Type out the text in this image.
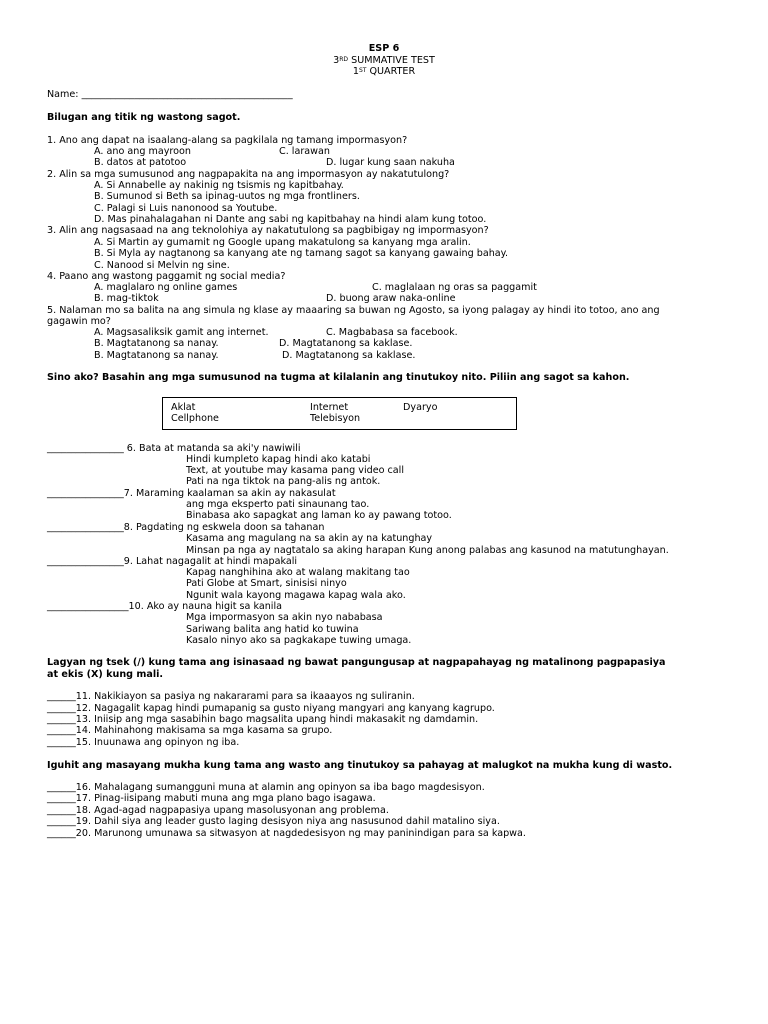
ESP 6
3RD SUMMATIVE TEST
1ST QUARTER
Name: ____________________________________________
Bilugan ang titik ng wastong sagot.
1. Ano ang dapat na isaalang-alang sa pagkilala ng tamang impormasyon?
A. ano ang mayroon	C. larawan
B. datos at patotoo	D. lugar kung saan nakuha
2. Alin sa mga sumusunod ang nagpapakita na ang impormasyon ay nakatutulong?
A. Si Annabelle ay nakinig ng tsismis ng kapitbahay.
B. Sumunod si Beth sa ipinag-uutos ng mga frontliners.
C. Palagi si Luis nanonood sa Youtube.
D. Mas pinahalagahan ni Dante ang sabi ng kapitbahay na hindi alam kung totoo.
3. Alin ang nagsasaad na ang teknolohiya ay nakatutulong sa pagbibigay ng impormasyon?
A. Si Martin ay gumamit ng Google upang makatulong sa kanyang mga aralin.
B. Si Myla ay nagtanong sa kanyang ate ng tamang sagot sa kanyang gawaing bahay.
C. Nanood si Melvin ng sine.
4. Paano ang wastong paggamit ng social media?
A. maglalaro ng online games	C. maglalaan ng oras sa paggamit
B. mag-tiktok	D. buong araw naka-online
5. Nalaman mo sa balita na ang simula ng klase ay maaaring sa buwan ng Agosto, sa iyong palagay ay hindi ito totoo, ano ang
gagawin mo?
A. Magsasaliksik gamit ang internet.	C. Magbabasa sa facebook.
B. Magtatanong sa nanay.	D. Magtatanong sa kaklase.
B. Magtatanong sa nanay.	D. Magtatanong sa kaklase.
Sino ako? Basahin ang mga sumusunod na tugma at kilalanin ang tinutukoy nito. Piliin ang sagot sa kahon.
Aklat	Internet	Dyaryo
Cellphone	Telebisyon
________________ 6. Bata at matanda sa aki'y nawiwili
Hindi kumpleto kapag hindi ako katabi
Text, at youtube may kasama pang video call
Pati na nga tiktok na pang-alis ng antok.
________________7. Maraming kaalaman sa akin ay nakasulat
ang mga eksperto pati sinaunang tao.
Binabasa ako sapagkat ang laman ko ay pawang totoo.
________________8. Pagdating ng eskwela doon sa tahanan
Kasama ang magulang na sa akin ay na katunghay
Minsan pa nga ay nagtatalo sa aking harapan Kung anong palabas ang kasunod na matutunghayan.
________________9. Lahat nagagalit at hindi mapakali
Kapag nanghihina ako at walang makitang tao
Pati Globe at Smart, sinisisi ninyo
Ngunit wala kayong magawa kapag wala ako.
_________________10. Ako ay nauna higit sa kanila
Mga impormasyon sa akin nyo nababasa
Sariwang balita ang hatid ko tuwina
Kasalo ninyo ako sa pagkakape tuwing umaga.
Lagyan ng tsek (/) kung tama ang isinasaad ng bawat pangungusap at nagpapahayag ng matalinong pagpapasiya
at ekis (X) kung mali.
______11. Nakikiayon sa pasiya ng nakararami para sa ikaaayos ng suliranin.
______12. Nagagalit kapag hindi pumapanig sa gusto niyang mangyari ang kanyang kagrupo.
______13. Iniisip ang mga sasabihin bago magsalita upang hindi makasakit ng damdamin.
______14. Mahinahong makisama sa mga kasama sa grupo.
______15. Inuunawa ang opinyon ng iba.
Iguhit ang masayang mukha kung tama ang wasto ang tinutukoy sa pahayag at malugkot na mukha kung di wasto.
______16. Mahalagang sumangguni muna at alamin ang opinyon sa iba bago magdesisyon.
______17. Pinag-iisipang mabuti muna ang mga plano bago isagawa.
______18. Agad-agad nagpapasiya upang masolusyonan ang problema.
______19. Dahil siya ang leader gusto laging desisyon niya ang nasusunod dahil matalino siya.
______20. Marunong umunawa sa sitwasyon at nagdedesisyon ng may paninindigan para sa kapwa.
